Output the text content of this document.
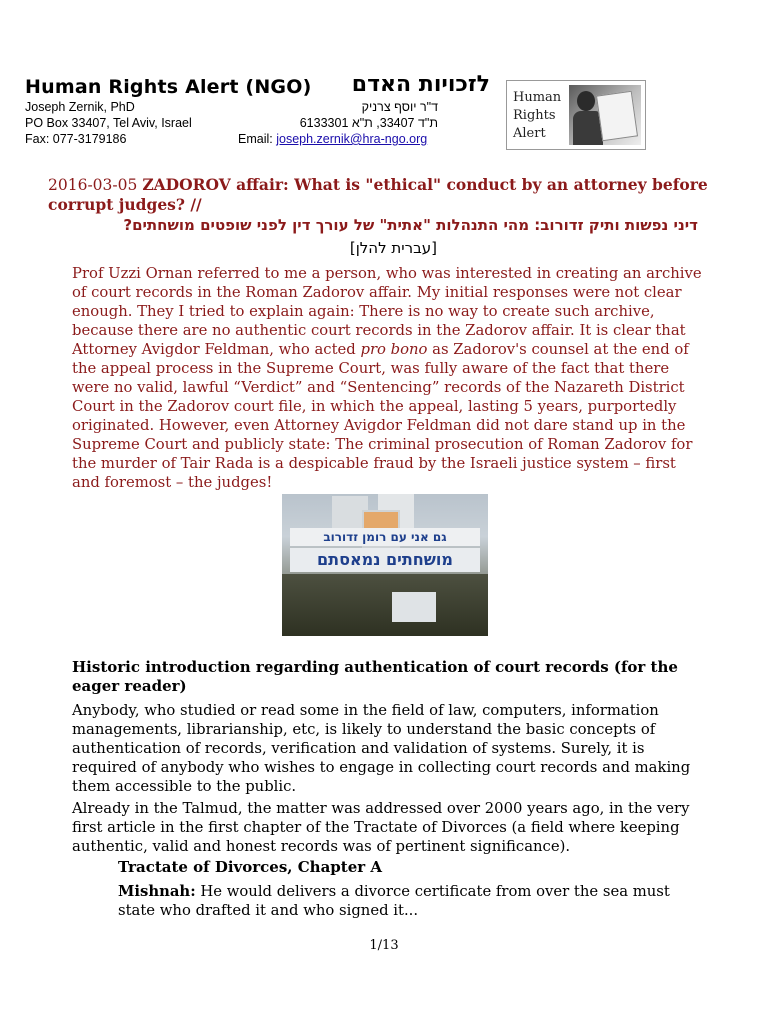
Human Rights Alert (NGO)	לזכויות האדם
Joseph Zernik, PhD
PO Box 33407, Tel Aviv, Israel
Fax: 077-3179186
ד"ר יוסף צרניק
ת"ד 33407, ת"א 6133301
Email: joseph.zernik@hra-ngo.org
Human
Rights
Alert
2016-03-05 ZADOROV affair: What is "ethical" conduct by an attorney before corrupt judges? //
דיני נפשות ותיק זדורוב: מהי התנהלות "אתית" של עורך דין לפני שופטים מושחתים?
[עברית להלן]
Prof Uzzi Ornan referred to me a person, who was interested in creating an archive of court records in the Roman Zadorov affair. My initial responses were not clear enough. They I tried to explain again: There is no way to create such archive, because there are no authentic court records in the Zadorov affair. It is clear that Attorney Avigdor Feldman, who acted pro bono as Zadorov's counsel at the end of the appeal process in the Supreme Court, was fully aware of the fact that there were no valid, lawful “Verdict” and “Sentencing” records of the Nazareth District Court in the Zadorov court file, in which the appeal, lasting 5 years, purportedly originated. However, even Attorney Avigdor Feldman did not dare stand up in the Supreme Court and publicly state: The criminal prosecution of Roman Zadorov for the murder of Tair Rada is a despicable fraud by the Israeli justice system – first and foremost – the judges!
גם אני עם רומן זדורוב
מושחתים נמאסתם
Historic introduction regarding authentication of court records (for the eager reader)
Anybody, who studied or read some in the field of law, computers, information managements, librarianship, etc, is likely to understand the basic concepts of authentication of records, verification and validation of systems. Surely, it is required of anybody who wishes to engage in collecting court records and making them accessible to the public.
Already in the Talmud, the matter was addressed over 2000 years ago, in the very first article in the first chapter of the Tractate of Divorces (a field where keeping authentic, valid and honest records was of pertinent significance).
Tractate of Divorces, Chapter A
Mishnah: He would delivers a divorce certificate from over the sea must state who drafted it and who signed it...
1/13
